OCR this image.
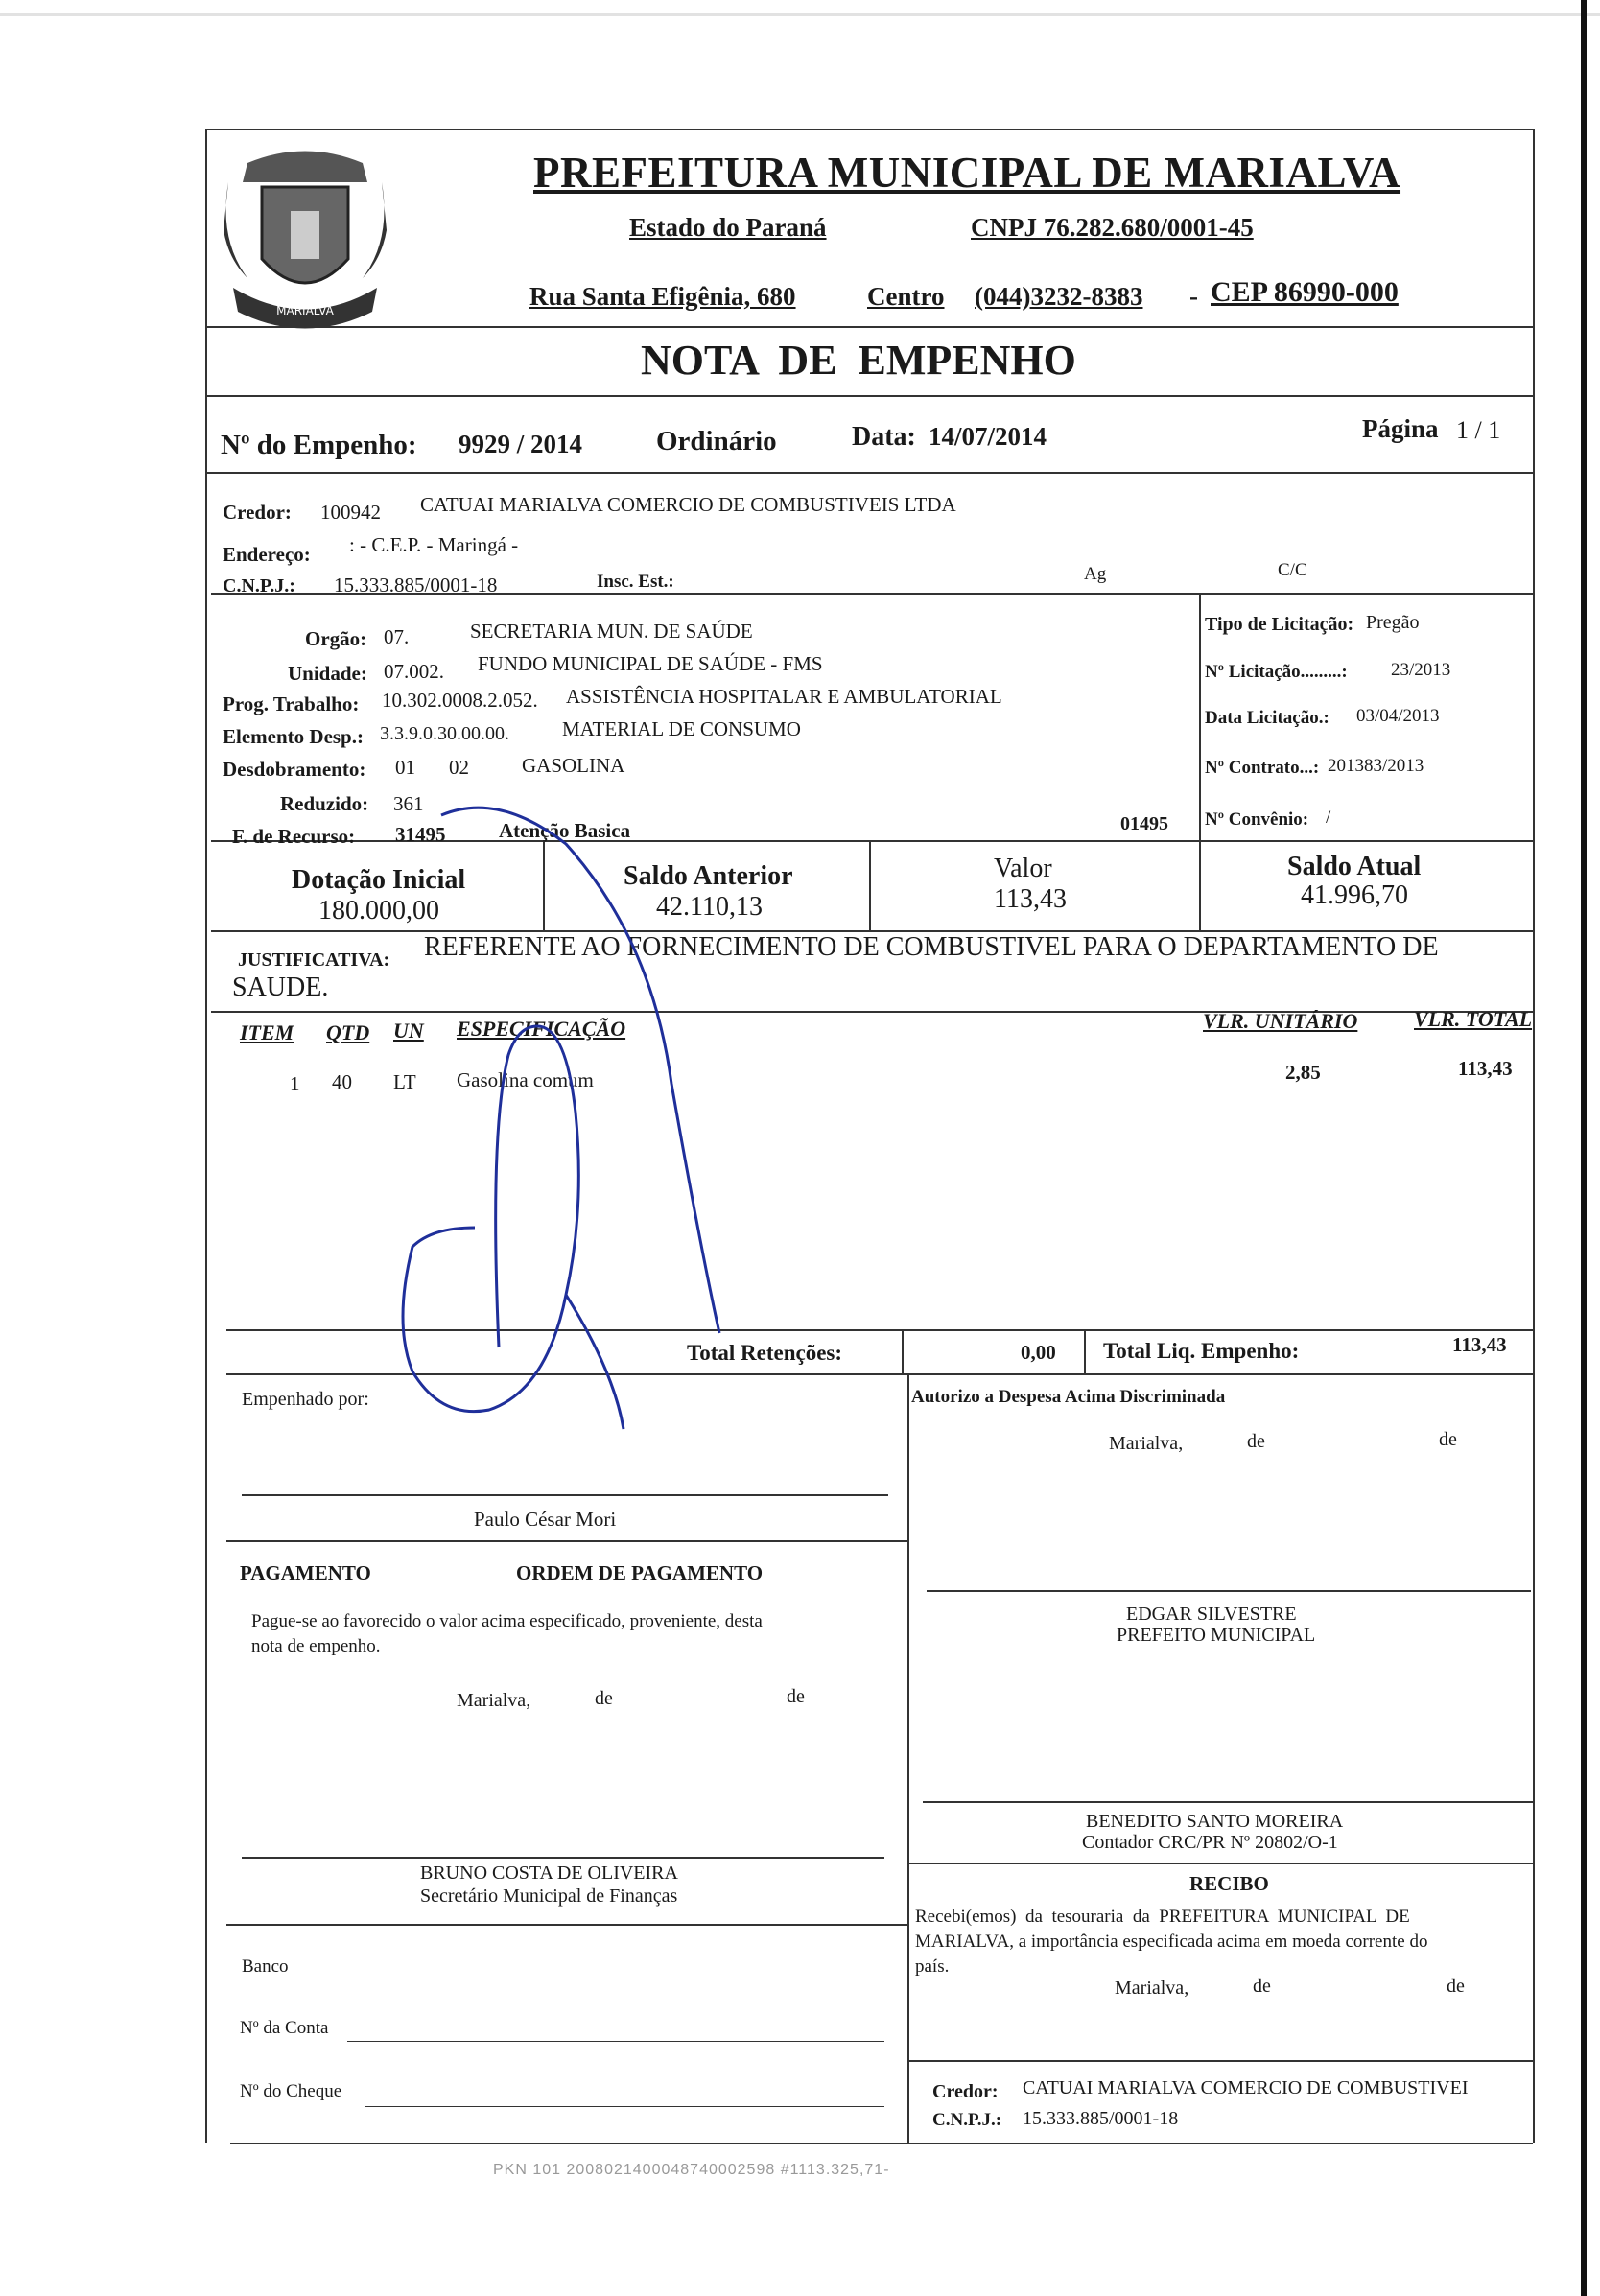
MARIALVA
PREFEITURA MUNICIPAL DE MARIALVA
Estado do Paraná	CNPJ 76.282.680/0001-45
Rua Santa Efigênia, 680	Centro (044)3232-8383 - CEP 86990-000
NOTA  DE  EMPENHO
Nº do Empenho: 9929 / 2014	Ordinário	Data: 14/07/2014	Página 1 / 1
Credor: 100942 CATUAI MARIALVA COMERCIO DE COMBUSTIVEIS LTDA
Endereço: : - C.E.P. - Maringá -
C.N.P.J.: 15.333.885/0001-18	Insc. Est.:	Ag	C/C
Orgão: 07.	SECRETARIA MUN. DE SAÚDE
Unidade: 07.002. FUNDO MUNICIPAL DE SAÚDE - FMS
Prog. Trabalho: 10.302.0008.2.052. ASSISTÊNCIA HOSPITALAR E AMBULATORIAL
Elemento Desp.: 3.3.9.0.30.00.00.	MATERIAL DE CONSUMO
Desdobramento: 01 02	GASOLINA
Reduzido: 361
F. de Recurso: 31495	Atenção Basica	01495
Tipo de Licitação: Pregão
Nº Licitação.........: 23/2013
Data Licitação.: 03/04/2013
Nº Contrato...: 201383/2013
Nº Convênio: /
Dotação Inicial
180.000,00
Saldo Anterior
42.110,13
Valor
113,43
Saldo Atual
41.996,70
JUSTIFICATIVA: REFERENTE AO FORNECIMENTO DE COMBUSTIVEL PARA O DEPARTAMENTO DE
SAUDE.
ITEM QTD UN ESPECIFICAÇÃO	VLR. UNITÁRIO	VLR. TOTAL
1 40 LT Gasolina comum	2,85	113,43
Total Retenções:	0,00 Total Liq. Empenho:	113,43
Empenhado por:
Paulo César Mori
PAGAMENTO	ORDEM DE PAGAMENTO
Pague-se ao favorecido o valor acima especificado, proveniente, desta
nota de empenho.
Marialva,	de	de
BRUNO COSTA DE OLIVEIRA
Secretário Municipal de Finanças
Banco
Nº da Conta
Nº do Cheque
Autorizo a Despesa Acima Discriminada
Marialva,	de	de
EDGAR SILVESTRE
PREFEITO MUNICIPAL
BENEDITO SANTO MOREIRA
Contador CRC/PR Nº 20802/O-1
RECIBO
Recebi(emos)  da  tesouraria  da  PREFEITURA  MUNICIPAL  DE
MARIALVA, a importância especificada acima em moeda corrente do
país.
Marialva,	de	de
Credor: CATUAI MARIALVA COMERCIO DE COMBUSTIVEI
C.N.P.J.: 15.333.885/0001-18
PKN 101 2008021400048740002598 #1113.325,71-
